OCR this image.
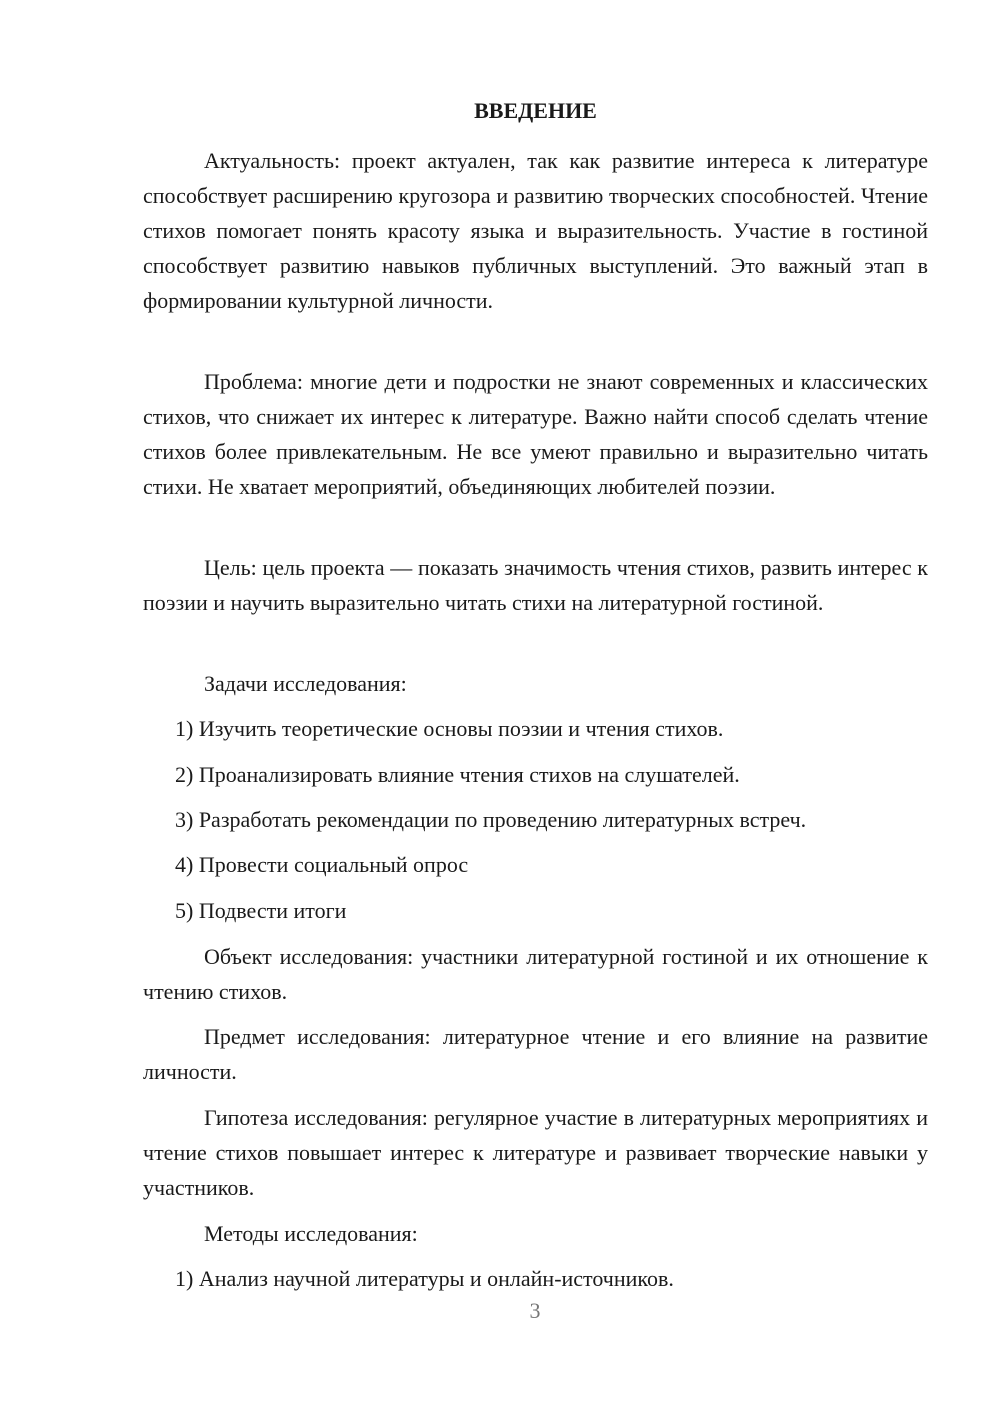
ВВЕДЕНИЕ

Актуальность: проект актуален, так как развитие интереса к литературе способствует расширению кругозора и развитию творческих способностей. Чтение стихов помогает понять красоту языка и выразительность. Участие в гостиной способствует развитию навыков публичных выступлений. Это важный этап в формировании культурной личности.

Проблема: многие дети и подростки не знают современных и классических стихов, что снижает их интерес к литературе. Важно найти способ сделать чтение стихов более привлекательным. Не все умеют правильно и выразительно читать стихи. Не хватает мероприятий, объединяющих любителей поэзии.

Цель: цель проекта — показать значимость чтения стихов, развить интерес к поэзии и научить выразительно читать стихи на литературной гостиной.

Задачи исследования:
1) Изучить теоретические основы поэзии и чтения стихов.
2) Проанализировать влияние чтения стихов на слушателей.
3) Разработать рекомендации по проведению литературных встреч.
4) Провести социальный опрос
5) Подвести итоги

Объект исследования: участники литературной гостиной и их отношение к чтению стихов.

Предмет исследования: литературное чтение и его влияние на развитие личности.

Гипотеза исследования: регулярное участие в литературных мероприятиях и чтение стихов повышает интерес к литературе и развивает творческие навыки у участников.

Методы исследования:
1) Анализ научной литературы и онлайн-источников.
3
